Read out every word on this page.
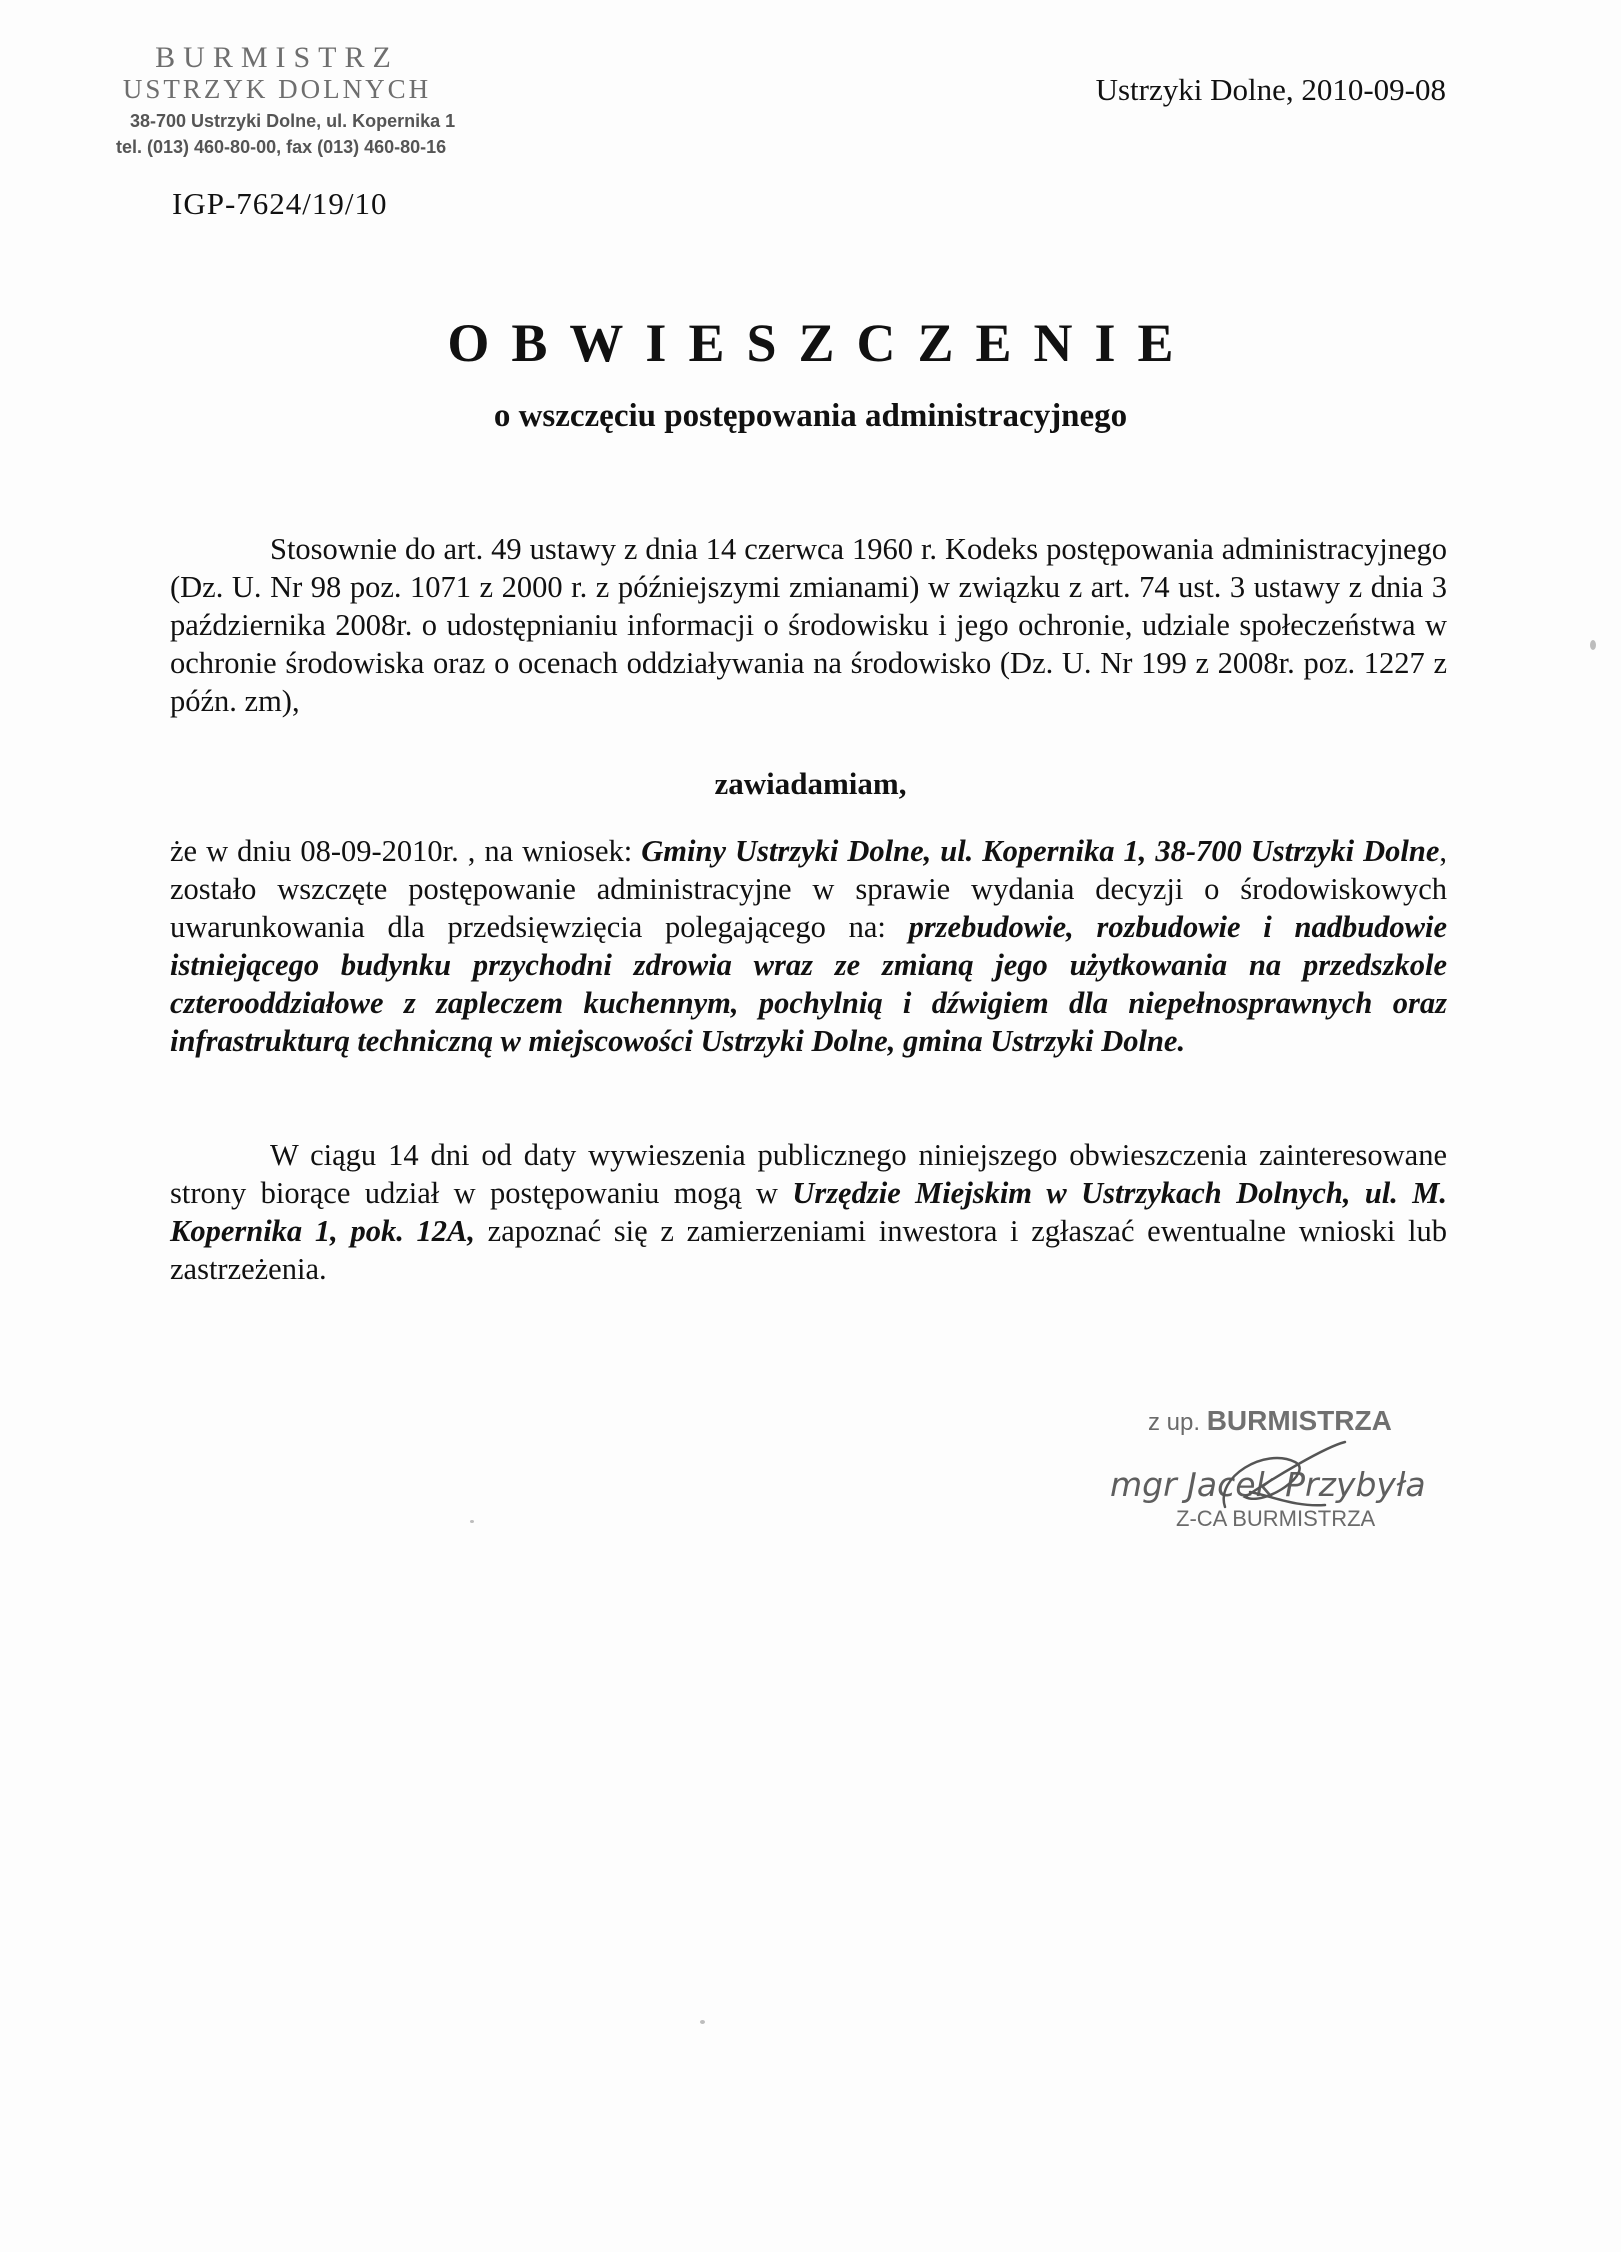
BURMISTRZ
USTRZYK DOLNYCH
38-700 Ustrzyki Dolne, ul. Kopernika 1
tel. (013) 460-80-00, fax (013) 460-80-16
Ustrzyki Dolne, 2010-09-08
IGP-7624/19/10
OBWIESZCZENIE
o wszczęciu postępowania administracyjnego
Stosownie do art. 49 ustawy z dnia 14 czerwca 1960 r. Kodeks postępowania administracyjnego (Dz. U. Nr 98 poz. 1071 z 2000 r. z późniejszymi zmianami) w związku z art. 74 ust. 3 ustawy z dnia 3 października 2008r. o udostępnianiu informacji o środowisku i jego ochronie, udziale społeczeństwa w ochronie środowiska oraz o ocenach oddziaływania na środowisko (Dz. U. Nr 199 z 2008r. poz. 1227 z późn. zm),
zawiadamiam,
że w dniu 08-09-2010r. , na wniosek: Gminy Ustrzyki Dolne, ul. Kopernika 1, 38-700 Ustrzyki Dolne, zostało wszczęte postępowanie administracyjne w sprawie wydania decyzji o środowiskowych uwarunkowania dla przedsięwzięcia polegającego na: przebudowie, rozbudowie i nadbudowie istniejącego budynku przychodni zdrowia wraz ze zmianą jego użytkowania na przedszkole czterooddziałowe z zapleczem kuchennym, pochylnią i dźwigiem dla niepełnosprawnych oraz infrastrukturą techniczną w miejscowości Ustrzyki Dolne, gmina Ustrzyki Dolne.
W ciągu 14 dni od daty wywieszenia publicznego niniejszego obwieszczenia zainteresowane strony biorące udział w postępowaniu mogą w Urzędzie Miejskim w Ustrzykach Dolnych, ul. M. Kopernika 1, pok. 12A, zapoznać się z zamierzeniami inwestora i zgłaszać ewentualne wnioski lub zastrzeżenia.
z up. BURMISTRZA
mgr Jacek Przybyła
Z-CA BURMISTRZA
